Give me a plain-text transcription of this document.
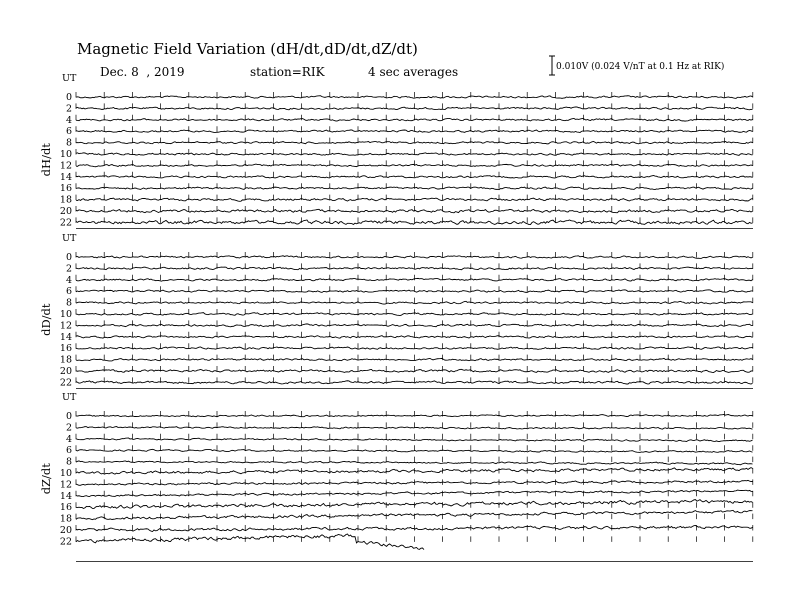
Magnetic Field Variation (dH/dt,dD/dt,dZ/dt)
Dec. 8  , 2019	station=RIK	4 sec averages	0.010V (0.024 V/nT at 0.1 Hz at RIK)
UT
dH/dt
0
2
4
6
8
10
12
14
16
18
20
22
UT
dD/dt
0
2
4
6
8
10
12
14
16
18
20
22
UT
dZ/dt
0
2
4
6
8
10
12
14
16
18
20
22
